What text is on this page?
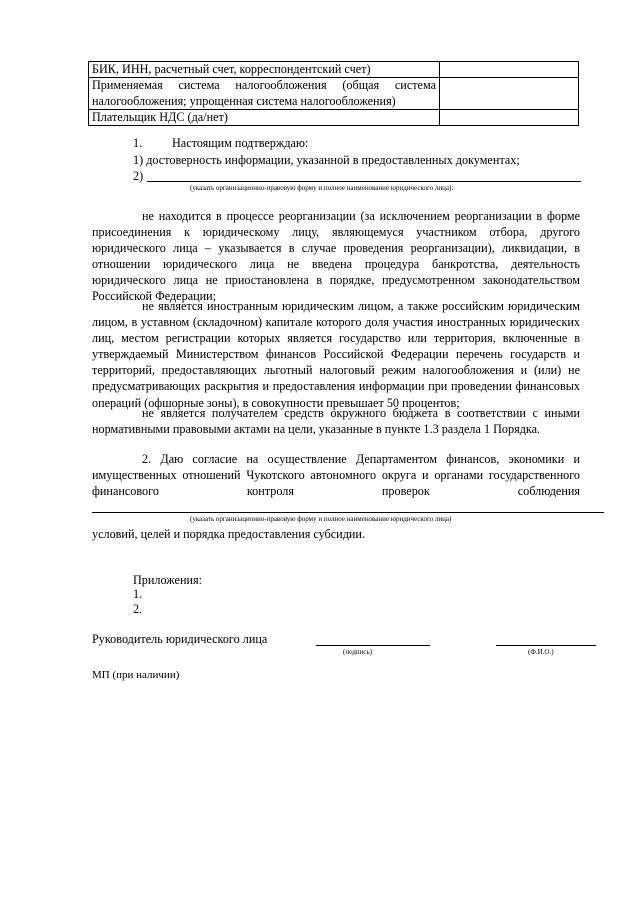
БИК, ИНН, расчетный счет, корреспондентский счет)	

Применяемая система налогообложения (общая система
налогообложения; упрощенная система налогообложения)	

Плательщик НДС (да/нет)	
1. Настоящим подтверждаю:
1) достоверность информации, указанной в предоставленных документах;
2)
(указать организационно-правовую форму и полное наименование юридического лица):
не находится в процессе реорганизации (за исключением реорганизации в форме присоединения к юридическому лицу, являющемуся участником отбора, другого юридического лица – указывается в случае проведения реорганизации), ликвидации, в отношении юридического лица не введена процедура банкротства, деятельность юридического лица не приостановлена в порядке, предусмотренном законодательством Российской Федерации;
не является иностранным юридическим лицом, а также российским юридическим лицом, в уставном (складочном) капитале которого доля участия иностранных юридических лиц, местом регистрации которых является государство или территория, включенные в утверждаемый Министерством финансов Российской Федерации перечень государств и территорий, предоставляющих льготный налоговый режим налогообложения и (или) не предусматривающих раскрытия и предоставления информации при проведении финансовых операций (офшорные зоны), в совокупности превышает 50 процентов;
не является получателем средств окружного бюджета в соответствии с иными нормативными правовыми актами на цели, указанные в пункте 1.3 раздела 1 Порядка.
2. Даю согласие на осуществление Департаментом финансов, экономики и имущественных отношений Чукотского автономного округа и органами государственного финансового контроля проверок соблюдения
(указать организационно-правовую форму и полное наименование юридического лица)
условий, целей и порядка предоставления субсидии.
Приложения:
1.
2.
Руководитель юридического лица
(подпись)	(Ф.И.О.)
МП (при наличии)
